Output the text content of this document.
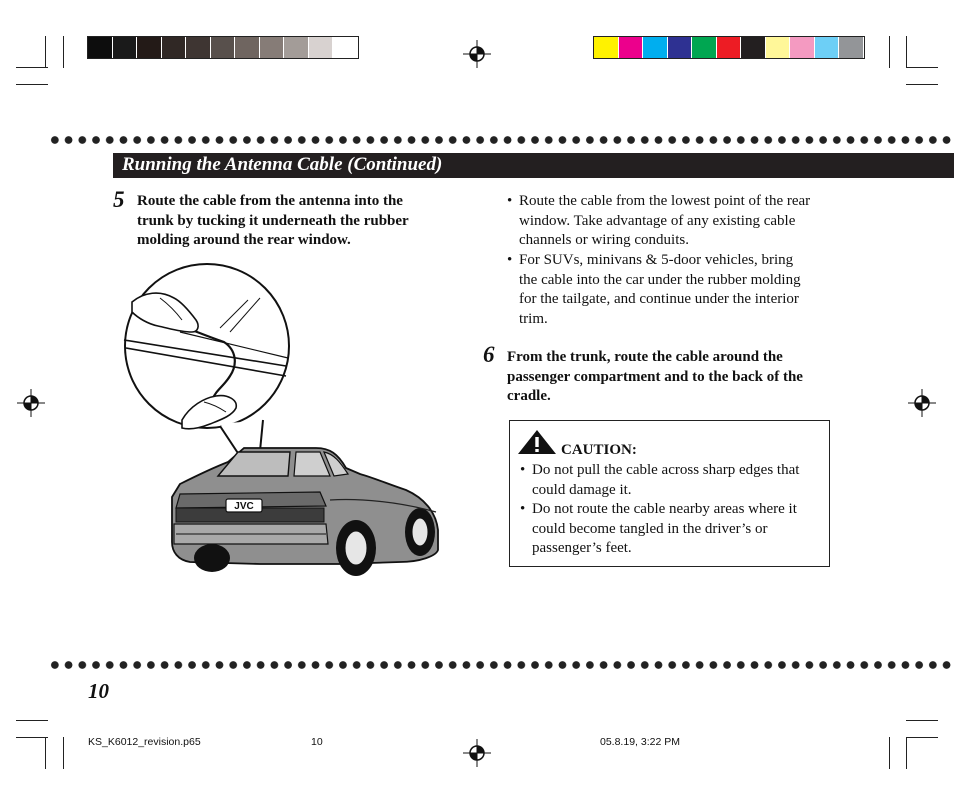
Running the Antenna Cable (Continued)
5 Route the cable from the antenna into the
trunk by tucking it underneath the rubber
molding around the rear window.
• Route the cable from the lowest point of the rear
window. Take advantage of any existing cable
channels or wiring conduits.
• For SUVs, minivans & 5-door vehicles, bring
the cable into the car under the rubber molding
for the tailgate, and continue under the interior
trim.
6 From the trunk, route the cable around the
passenger compartment and to the back of the
cradle.
CAUTION:
• Do not pull the cable across sharp edges that
could damage it.
• Do not route the cable nearby areas where it
could become tangled in the driver’s or
passenger’s feet.
JVC
10
KS_K6012_revision.p65	10	05.8.19, 3:22 PM
